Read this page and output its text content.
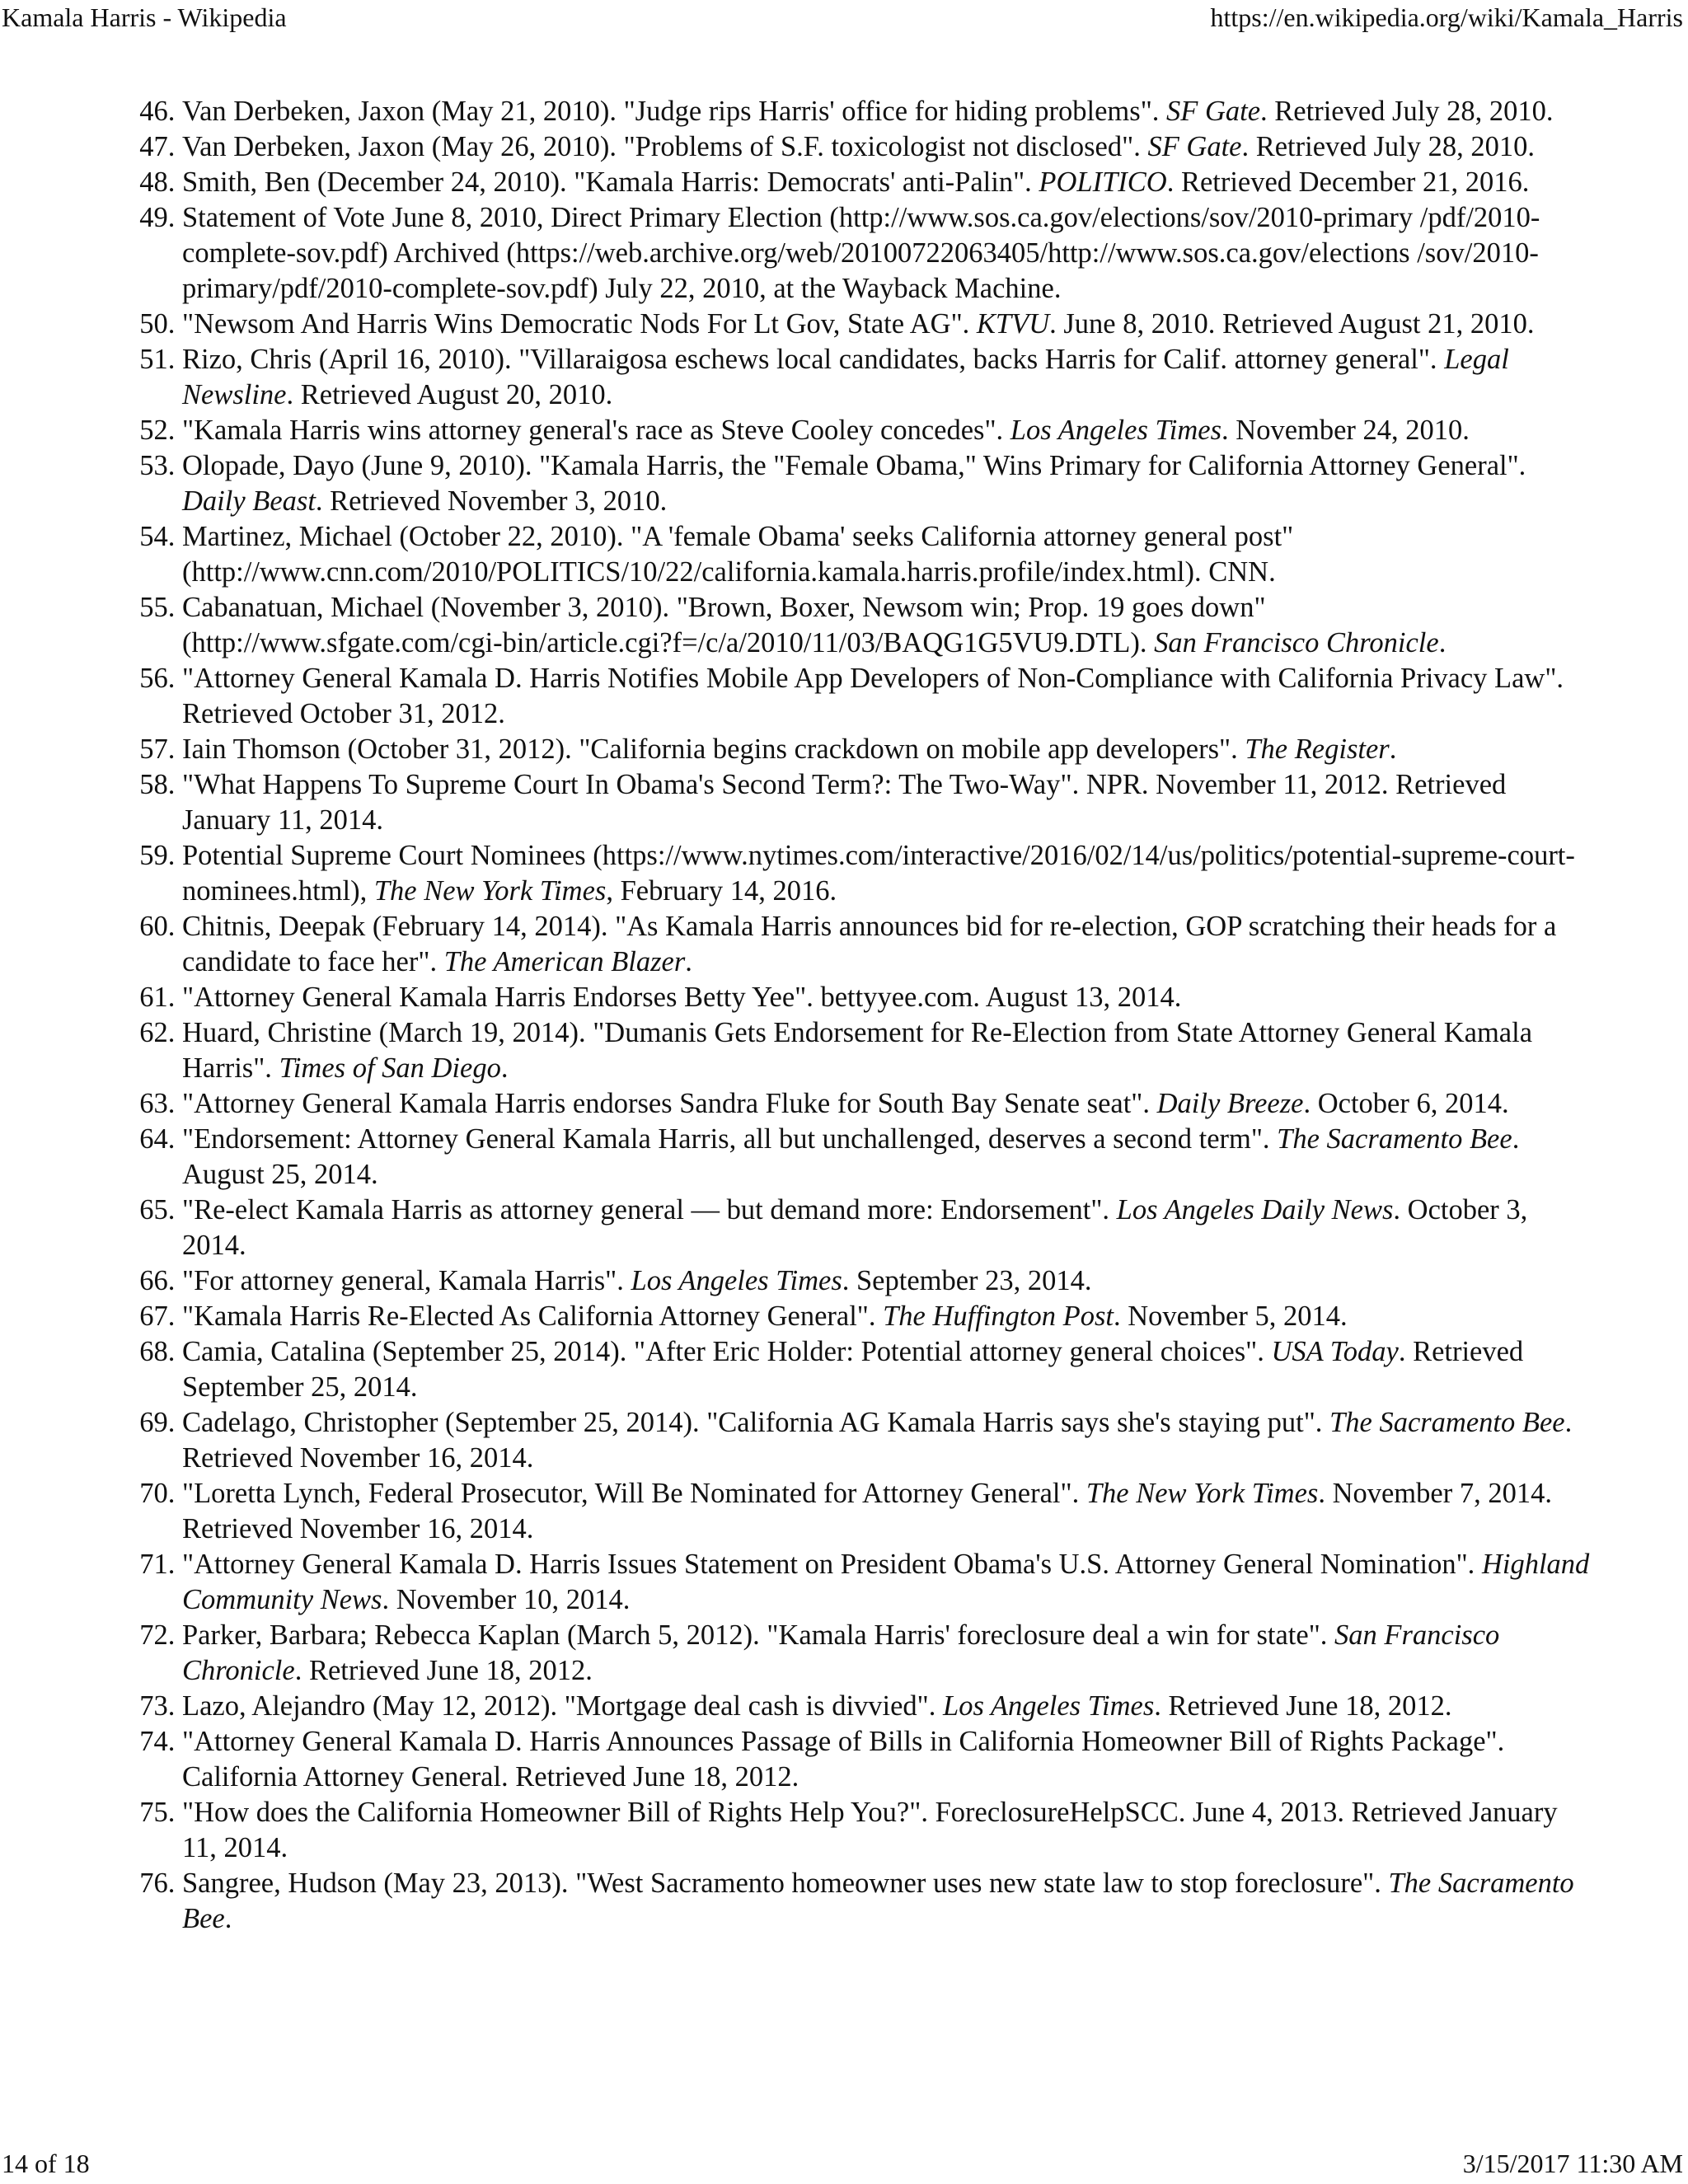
Kamala Harris - Wikipedia	https://en.wikipedia.org/wiki/Kamala_Harris
46. Van Derbeken, Jaxon (May 21, 2010). "Judge rips Harris' office for hiding problems". SF Gate. Retrieved July 28, 2010.
47. Van Derbeken, Jaxon (May 26, 2010). "Problems of S.F. toxicologist not disclosed". SF Gate. Retrieved July 28, 2010.
48. Smith, Ben (December 24, 2010). "Kamala Harris: Democrats' anti-Palin". POLITICO. Retrieved December 21, 2016.
49. Statement of Vote June 8, 2010, Direct Primary Election (http://www.sos.ca.gov/elections/sov/2010-primary /pdf/2010-complete-sov.pdf) Archived (https://web.archive.org/web/20100722063405/http://www.sos.ca.gov/elections /sov/2010-primary/pdf/2010-complete-sov.pdf) July 22, 2010, at the Wayback Machine.
50. "Newsom And Harris Wins Democratic Nods For Lt Gov, State AG". KTVU. June 8, 2010. Retrieved August 21, 2010.
51. Rizo, Chris (April 16, 2010). "Villaraigosa eschews local candidates, backs Harris for Calif. attorney general". Legal Newsline. Retrieved August 20, 2010.
52. "Kamala Harris wins attorney general's race as Steve Cooley concedes". Los Angeles Times. November 24, 2010.
53. Olopade, Dayo (June 9, 2010). "Kamala Harris, the "Female Obama," Wins Primary for California Attorney General". Daily Beast. Retrieved November 3, 2010.
54. Martinez, Michael (October 22, 2010). "A 'female Obama' seeks California attorney general post" (http://www.cnn.com/2010/POLITICS/10/22/california.kamala.harris.profile/index.html). CNN.
55. Cabanatuan, Michael (November 3, 2010). "Brown, Boxer, Newsom win; Prop. 19 goes down" (http://www.sfgate.com/cgi-bin/article.cgi?f=/c/a/2010/11/03/BAQG1G5VU9.DTL). San Francisco Chronicle.
56. "Attorney General Kamala D. Harris Notifies Mobile App Developers of Non-Compliance with California Privacy Law". Retrieved October 31, 2012.
57. Iain Thomson (October 31, 2012). "California begins crackdown on mobile app developers". The Register.
58. "What Happens To Supreme Court In Obama's Second Term?: The Two-Way". NPR. November 11, 2012. Retrieved January 11, 2014.
59. Potential Supreme Court Nominees (https://www.nytimes.com/interactive/2016/02/14/us/politics/potential-supreme-court-nominees.html), The New York Times, February 14, 2016.
60. Chitnis, Deepak (February 14, 2014). "As Kamala Harris announces bid for re-election, GOP scratching their heads for a candidate to face her". The American Blazer.
61. "Attorney General Kamala Harris Endorses Betty Yee". bettyyee.com. August 13, 2014.
62. Huard, Christine (March 19, 2014). "Dumanis Gets Endorsement for Re-Election from State Attorney General Kamala Harris". Times of San Diego.
63. "Attorney General Kamala Harris endorses Sandra Fluke for South Bay Senate seat". Daily Breeze. October 6, 2014.
64. "Endorsement: Attorney General Kamala Harris, all but unchallenged, deserves a second term". The Sacramento Bee. August 25, 2014.
65. "Re-elect Kamala Harris as attorney general — but demand more: Endorsement". Los Angeles Daily News. October 3, 2014.
66. "For attorney general, Kamala Harris". Los Angeles Times. September 23, 2014.
67. "Kamala Harris Re-Elected As California Attorney General". The Huffington Post. November 5, 2014.
68. Camia, Catalina (September 25, 2014). "After Eric Holder: Potential attorney general choices". USA Today. Retrieved September 25, 2014.
69. Cadelago, Christopher (September 25, 2014). "California AG Kamala Harris says she's staying put". The Sacramento Bee. Retrieved November 16, 2014.
70. "Loretta Lynch, Federal Prosecutor, Will Be Nominated for Attorney General". The New York Times. November 7, 2014. Retrieved November 16, 2014.
71. "Attorney General Kamala D. Harris Issues Statement on President Obama's U.S. Attorney General Nomination". Highland Community News. November 10, 2014.
72. Parker, Barbara; Rebecca Kaplan (March 5, 2012). "Kamala Harris' foreclosure deal a win for state". San Francisco Chronicle. Retrieved June 18, 2012.
73. Lazo, Alejandro (May 12, 2012). "Mortgage deal cash is divvied". Los Angeles Times. Retrieved June 18, 2012.
74. "Attorney General Kamala D. Harris Announces Passage of Bills in California Homeowner Bill of Rights Package". California Attorney General. Retrieved June 18, 2012.
75. "How does the California Homeowner Bill of Rights Help You?". ForeclosureHelpSCC. June 4, 2013. Retrieved January 11, 2014.
76. Sangree, Hudson (May 23, 2013). "West Sacramento homeowner uses new state law to stop foreclosure". The Sacramento Bee.
14 of 18	3/15/2017 11:30 AM
